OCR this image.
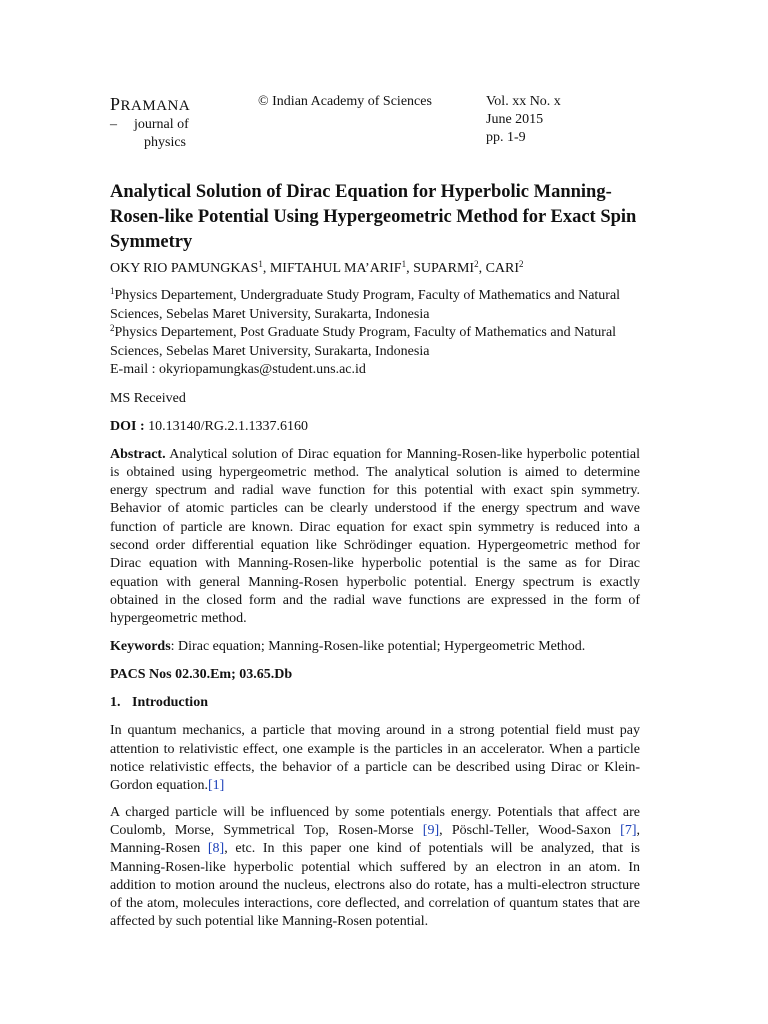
PRAMANA
–	journal of
physics
© Indian Academy of Sciences	Vol. xx No. x
June 2015
pp. 1-9
Analytical Solution of Dirac Equation for Hyperbolic Manning-Rosen-like Potential Using Hypergeometric Method for Exact Spin Symmetry
OKY RIO PAMUNGKAS$^1$, MIFTAHUL MA’ARIF$^1$, SUPARMI$^2$, CARI$^2$
$^1$Physics Departement, Undergraduate Study Program, Faculty of Mathematics and Natural Sciences, Sebelas Maret University, Surakarta, Indonesia
$^2$Physics Departement, Post Graduate Study Program, Faculty of Mathematics and Natural Sciences, Sebelas Maret University, Surakarta, Indonesia
E-mail : okyriopamungkas@student.uns.ac.id
MS Received
DOI : 10.13140/RG.2.1.1337.6160
Abstract. Analytical solution of Dirac equation for Manning-Rosen-like hyperbolic potential is obtained using hypergeometric method. The analytical solution is aimed to determine energy spectrum and radial wave function for this potential with exact spin symmetry. Behavior of atomic particles can be clearly understood if the energy spectrum and wave function of particle are known. Dirac equation for exact spin symmetry is reduced into a second order differential equation like Schrödinger equation. Hypergeometric method for Dirac equation with Manning-Rosen-like hyperbolic potential is the same as for Dirac equation with general Manning-Rosen hyperbolic potential. Energy spectrum is exactly obtained in the closed form and the radial wave functions are expressed in the form of hypergeometric method.
Keywords: Dirac equation; Manning-Rosen-like potential; Hypergeometric Method.
PACS Nos 02.30.Em; 03.65.Db
1. Introduction
In quantum mechanics, a particle that moving around in a strong potential field must pay attention to relativistic effect, one example is the particles in an accelerator. When a particle notice relativistic effects, the behavior of a particle can be described using Dirac or Klein-Gordon equation.[1]
A charged particle will be influenced by some potentials energy. Potentials that affect are Coulomb, Morse, Symmetrical Top, Rosen-Morse [9], Pöschl-Teller, Wood-Saxon [7], Manning-Rosen [8], etc. In this paper one kind of potentials will be analyzed, that is Manning-Rosen-like hyperbolic potential which suffered by an electron in an atom. In addition to motion around the nucleus, electrons also do rotate, has a multi-electron structure of the atom, molecules interactions, core deflected, and correlation of quantum states that are affected by such potential like Manning-Rosen potential.
